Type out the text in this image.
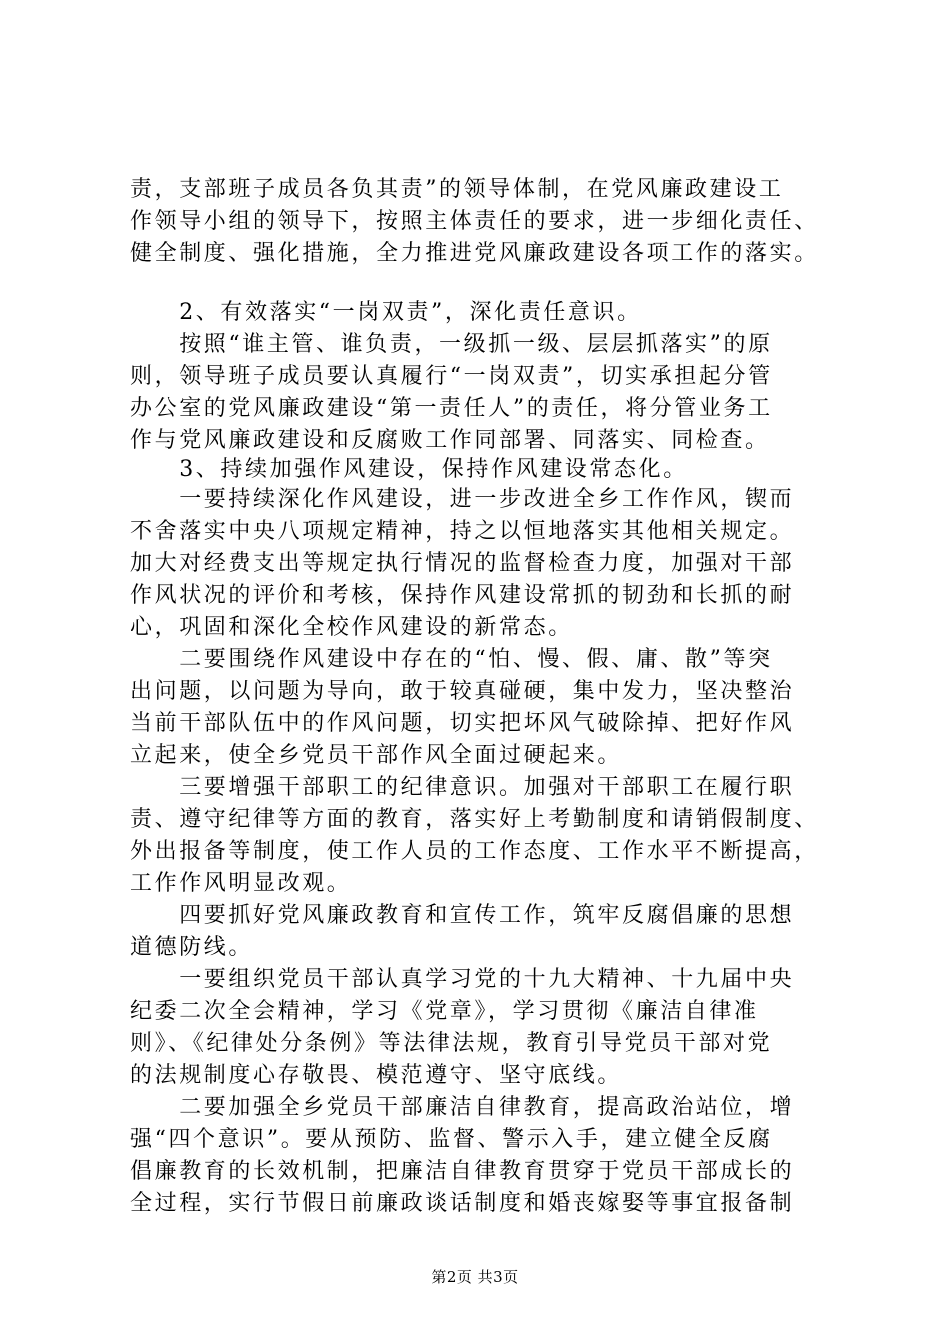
责，支部班子成员各负其责”的领导体制，在党风廉政建设工
作领导小组的领导下，按照主体责任的要求，进一步细化责任、
健全制度、强化措施，全力推进党风廉政建设各项工作的落实。
　　2、有效落实“一岗双责”，深化责任意识。
　　按照“谁主管、谁负责，一级抓一级、层层抓落实”的原
则，领导班子成员要认真履行“一岗双责”，切实承担起分管
办公室的党风廉政建设“第一责任人”的责任，将分管业务工
作与党风廉政建设和反腐败工作同部署、同落实、同检查。
　　3、持续加强作风建设，保持作风建设常态化。
　　一要持续深化作风建设，进一步改进全乡工作作风，锲而
不舍落实中央八项规定精神，持之以恒地落实其他相关规定。
加大对经费支出等规定执行情况的监督检查力度，加强对干部
作风状况的评价和考核，保持作风建设常抓的韧劲和长抓的耐
心，巩固和深化全校作风建设的新常态。
　　二要围绕作风建设中存在的“怕、慢、假、庸、散”等突
出问题，以问题为导向，敢于较真碰硬，集中发力，坚决整治
当前干部队伍中的作风问题，切实把坏风气破除掉、把好作风
立起来，使全乡党员干部作风全面过硬起来。
　　三要增强干部职工的纪律意识。加强对干部职工在履行职
责、遵守纪律等方面的教育，落实好上考勤制度和请销假制度、
外出报备等制度，使工作人员的工作态度、工作水平不断提高，
工作作风明显改观。
　　四要抓好党风廉政教育和宣传工作，筑牢反腐倡廉的思想
道德防线。
　　一要组织党员干部认真学习党的十九大精神、十九届中央
纪委二次全会精神，学习《党章》，学习贯彻《廉洁自律准
则》、《纪律处分条例》等法律法规，教育引导党员干部对党
的法规制度心存敬畏、模范遵守、坚守底线。
　　二要加强全乡党员干部廉洁自律教育，提高政治站位，增
强“四个意识”。要从预防、监督、警示入手，建立健全反腐
倡廉教育的长效机制，把廉洁自律教育贯穿于党员干部成长的
全过程，实行节假日前廉政谈话制度和婚丧嫁娶等事宜报备制
第2页 共3页
